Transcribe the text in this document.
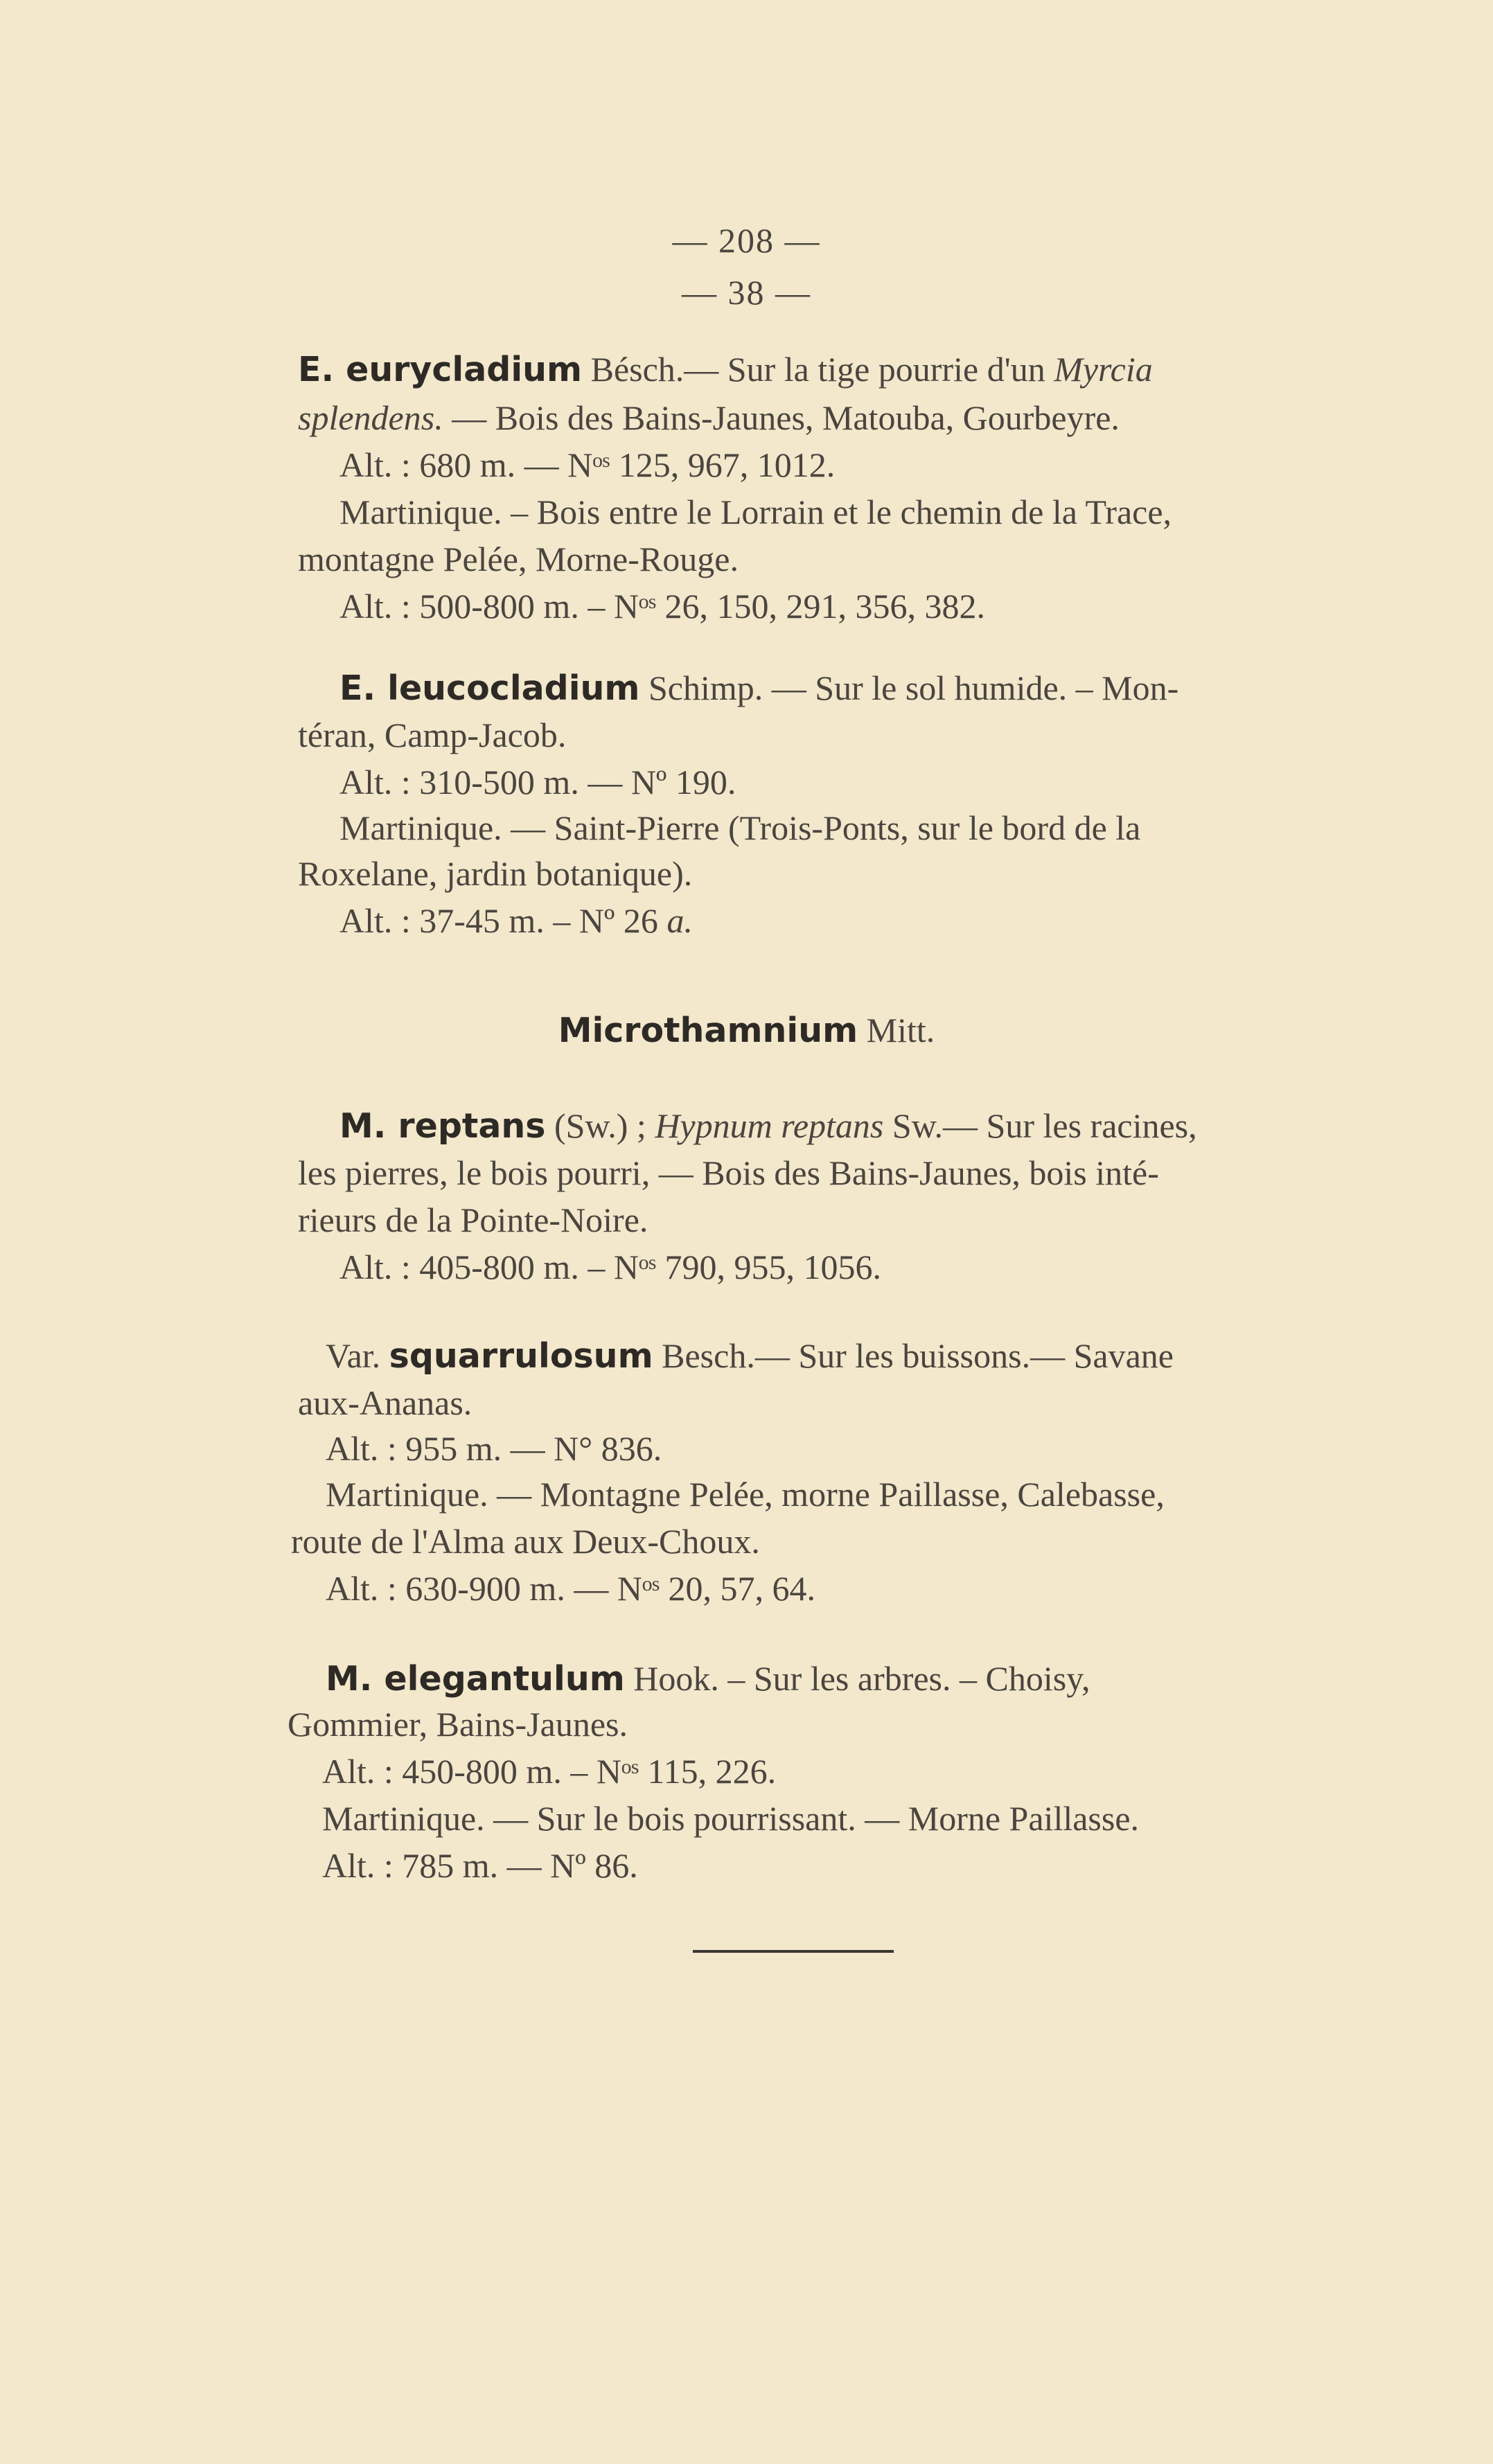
— 208 —
— 38 —
E. eurycladium Bésch.— Sur la tige pourrie d'un Myrcia
splendens. — Bois des Bains-Jaunes, Matouba, Gourbeyre.
Alt. : 680 m. — Nᵒˢ 125, 967, 1012.
Martinique. – Bois entre le Lorrain et le chemin de la Trace,
montagne Pelée, Morne-Rouge.
Alt. : 500-800 m. – Nᵒˢ 26, 150, 291, 356, 382.
E. leucocladium Schimp. — Sur le sol humide. – Mon-
téran, Camp-Jacob.
Alt. : 310-500 m. — Nº 190.
Martinique. — Saint-Pierre (Trois-Ponts, sur le bord de la
Roxelane, jardin botanique).
Alt. : 37-45 m. – Nº 26 a.
Microthamnium Mitt.
M. reptans (Sw.) ; Hypnum reptans Sw.— Sur les racines,
les pierres, le bois pourri, — Bois des Bains-Jaunes, bois inté-
rieurs de la Pointe-Noire.
Alt. : 405-800 m. – Nᵒˢ 790, 955, 1056.
Var. squarrulosum Besch.— Sur les buissons.— Savane
aux-Ananas.
Alt. : 955 m. — N° 836.
Martinique. — Montagne Pelée, morne Paillasse, Calebasse,
route de l'Alma aux Deux-Choux.
Alt. : 630-900 m. — Nᵒˢ 20, 57, 64.
M. elegantulum Hook. – Sur les arbres. – Choisy,
Gommier, Bains-Jaunes.
Alt. : 450-800 m. – Nᵒˢ 115, 226.
Martinique. — Sur le bois pourrissant. — Morne Paillasse.
Alt. : 785 m. — Nº 86.
